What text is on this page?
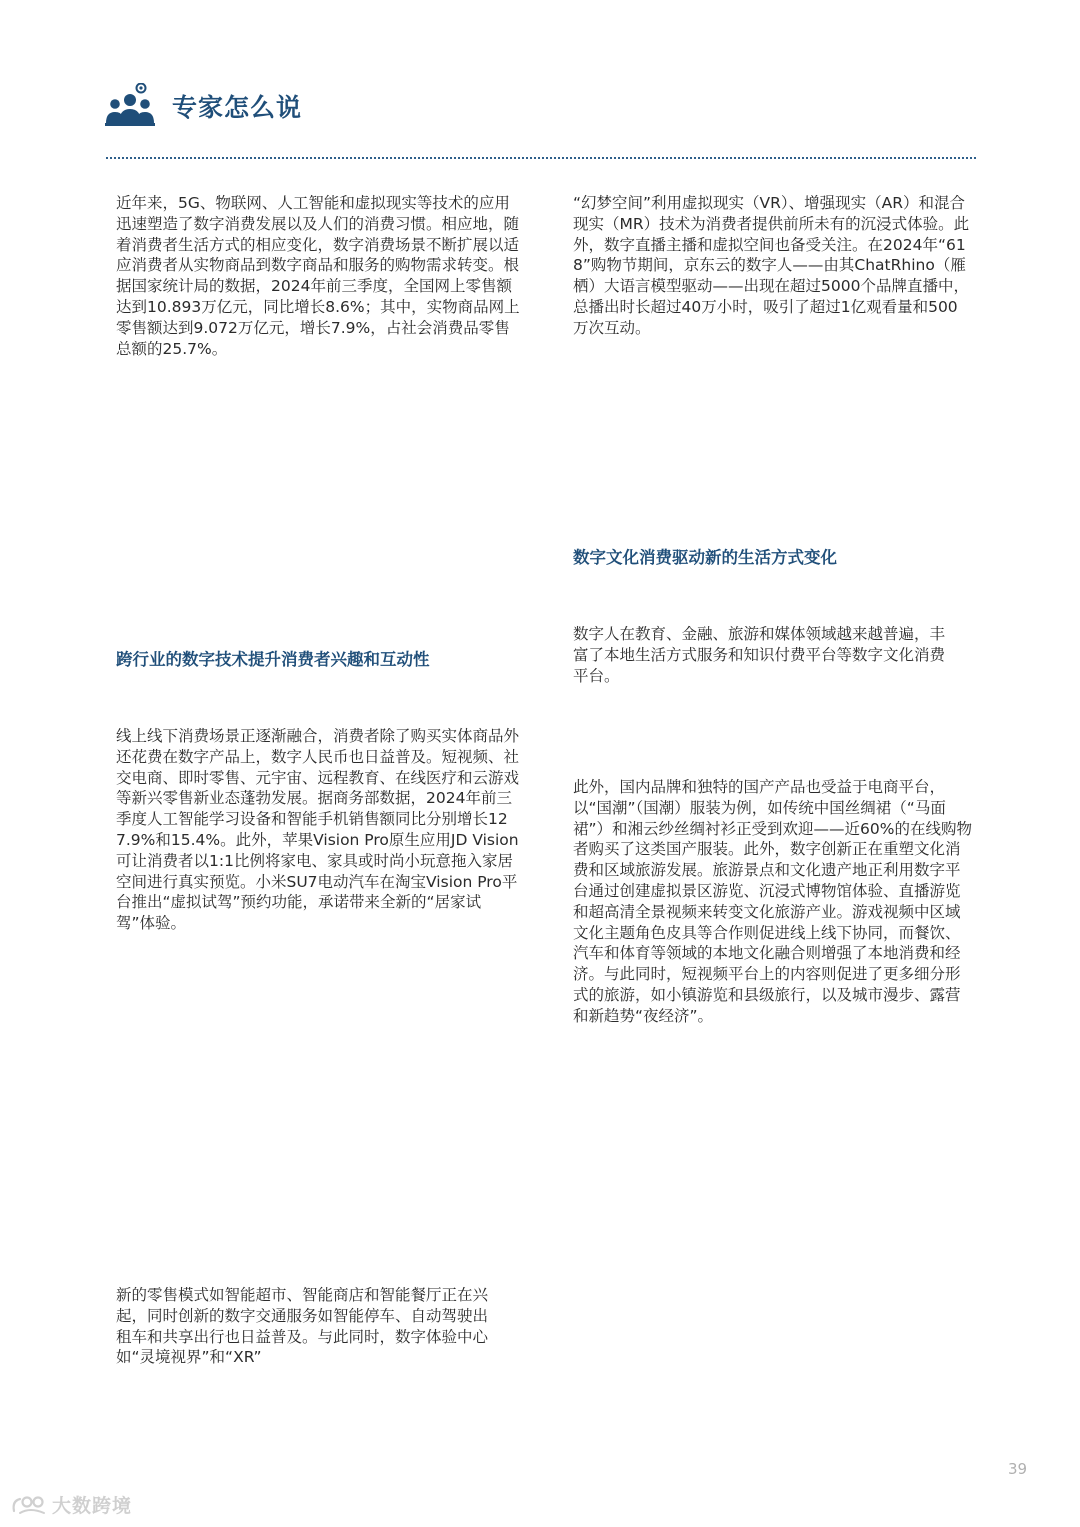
专家怎么说

近年来，5G、物联网、人工智能和虚拟现实等技术的应用迅速塑造了数字消费发展以及人们的消费习惯。相应地，随着消费者生活方式的相应变化，数字消费场景不断扩展以适应消费者从实物商品到数字商品和服务的购物需求转变。根据国家统计局的数据，2024年前三季度，全国网上零售额达到10.893万亿元，同比增长8.6%；其中，实物商品网上零售额达到9.072万亿元，增长7.9%，占社会消费品零售总额的25.7%。

跨行业的数字技术提升消费者兴趣和互动性

线上线下消费场景正逐渐融合，消费者除了购买实体商品外还花费在数字产品上，数字人民币也日益普及。短视频、社交电商、即时零售、元宇宙、远程教育、在线医疗和云游戏等新兴零售新业态蓬勃发展。据商务部数据，2024年前三季度人工智能学习设备和智能手机销售额同比分别增长127.9%和15.4%。此外，苹果Vision Pro原生应用JD Vision可让消费者以1:1比例将家电、家具或时尚小玩意拖入家居空间进行真实预览。小米SU7电动汽车在淘宝Vision Pro平台推出“虚拟试驾”预约功能，承诺带来全新的“居家试驾”体验。

新的零售模式如智能超市、智能商店和智能餐厅正在兴起，同时创新的数字交通服务如智能停车、自动驾驶出租车和共享出行也日益普及。与此同时，数字体验中心如“灵境视界”和“XR”

“幻梦空间”利用虚拟现实（VR）、增强现实（AR）和混合现实（MR）技术为消费者提供前所未有的沉浸式体验。此外，数字直播主播和虚拟空间也备受关注。在2024年“618”购物节期间，京东云的数字人——由其ChatRhino（雁栖）大语言模型驱动——出现在超过5000个品牌直播中，总播出时长超过40万小时，吸引了超过1亿观看量和500万次互动。

数字文化消费驱动新的生活方式变化

数字人在教育、金融、旅游和媒体领域越来越普遍，丰富了本地生活方式服务和知识付费平台等数字文化消费平台。

此外，国内品牌和独特的国产产品也受益于电商平台，以“国潮”（国潮）服装为例，如传统中国丝绸裙（“马面裙”）和湘云纱丝绸衬衫正受到欢迎——近60%的在线购物者购买了这类国产服装。此外，数字创新正在重塑文化消费和区域旅游发展。旅游景点和文化遗产地正利用数字平台通过创建虚拟景区游览、沉浸式博物馆体验、直播游览和超高清全景视频来转变文化旅游产业。游戏视频中区域文化主题角色皮具等合作则促进线上线下协同，而餐饮、汽车和体育等领域的本地文化融合则增强了本地消费和经济。与此同时，短视频平台上的内容则促进了更多细分形式的旅游，如小镇游览和县级旅行，以及城市漫步、露营和新趋势“夜经济”。

39
大数跨境
